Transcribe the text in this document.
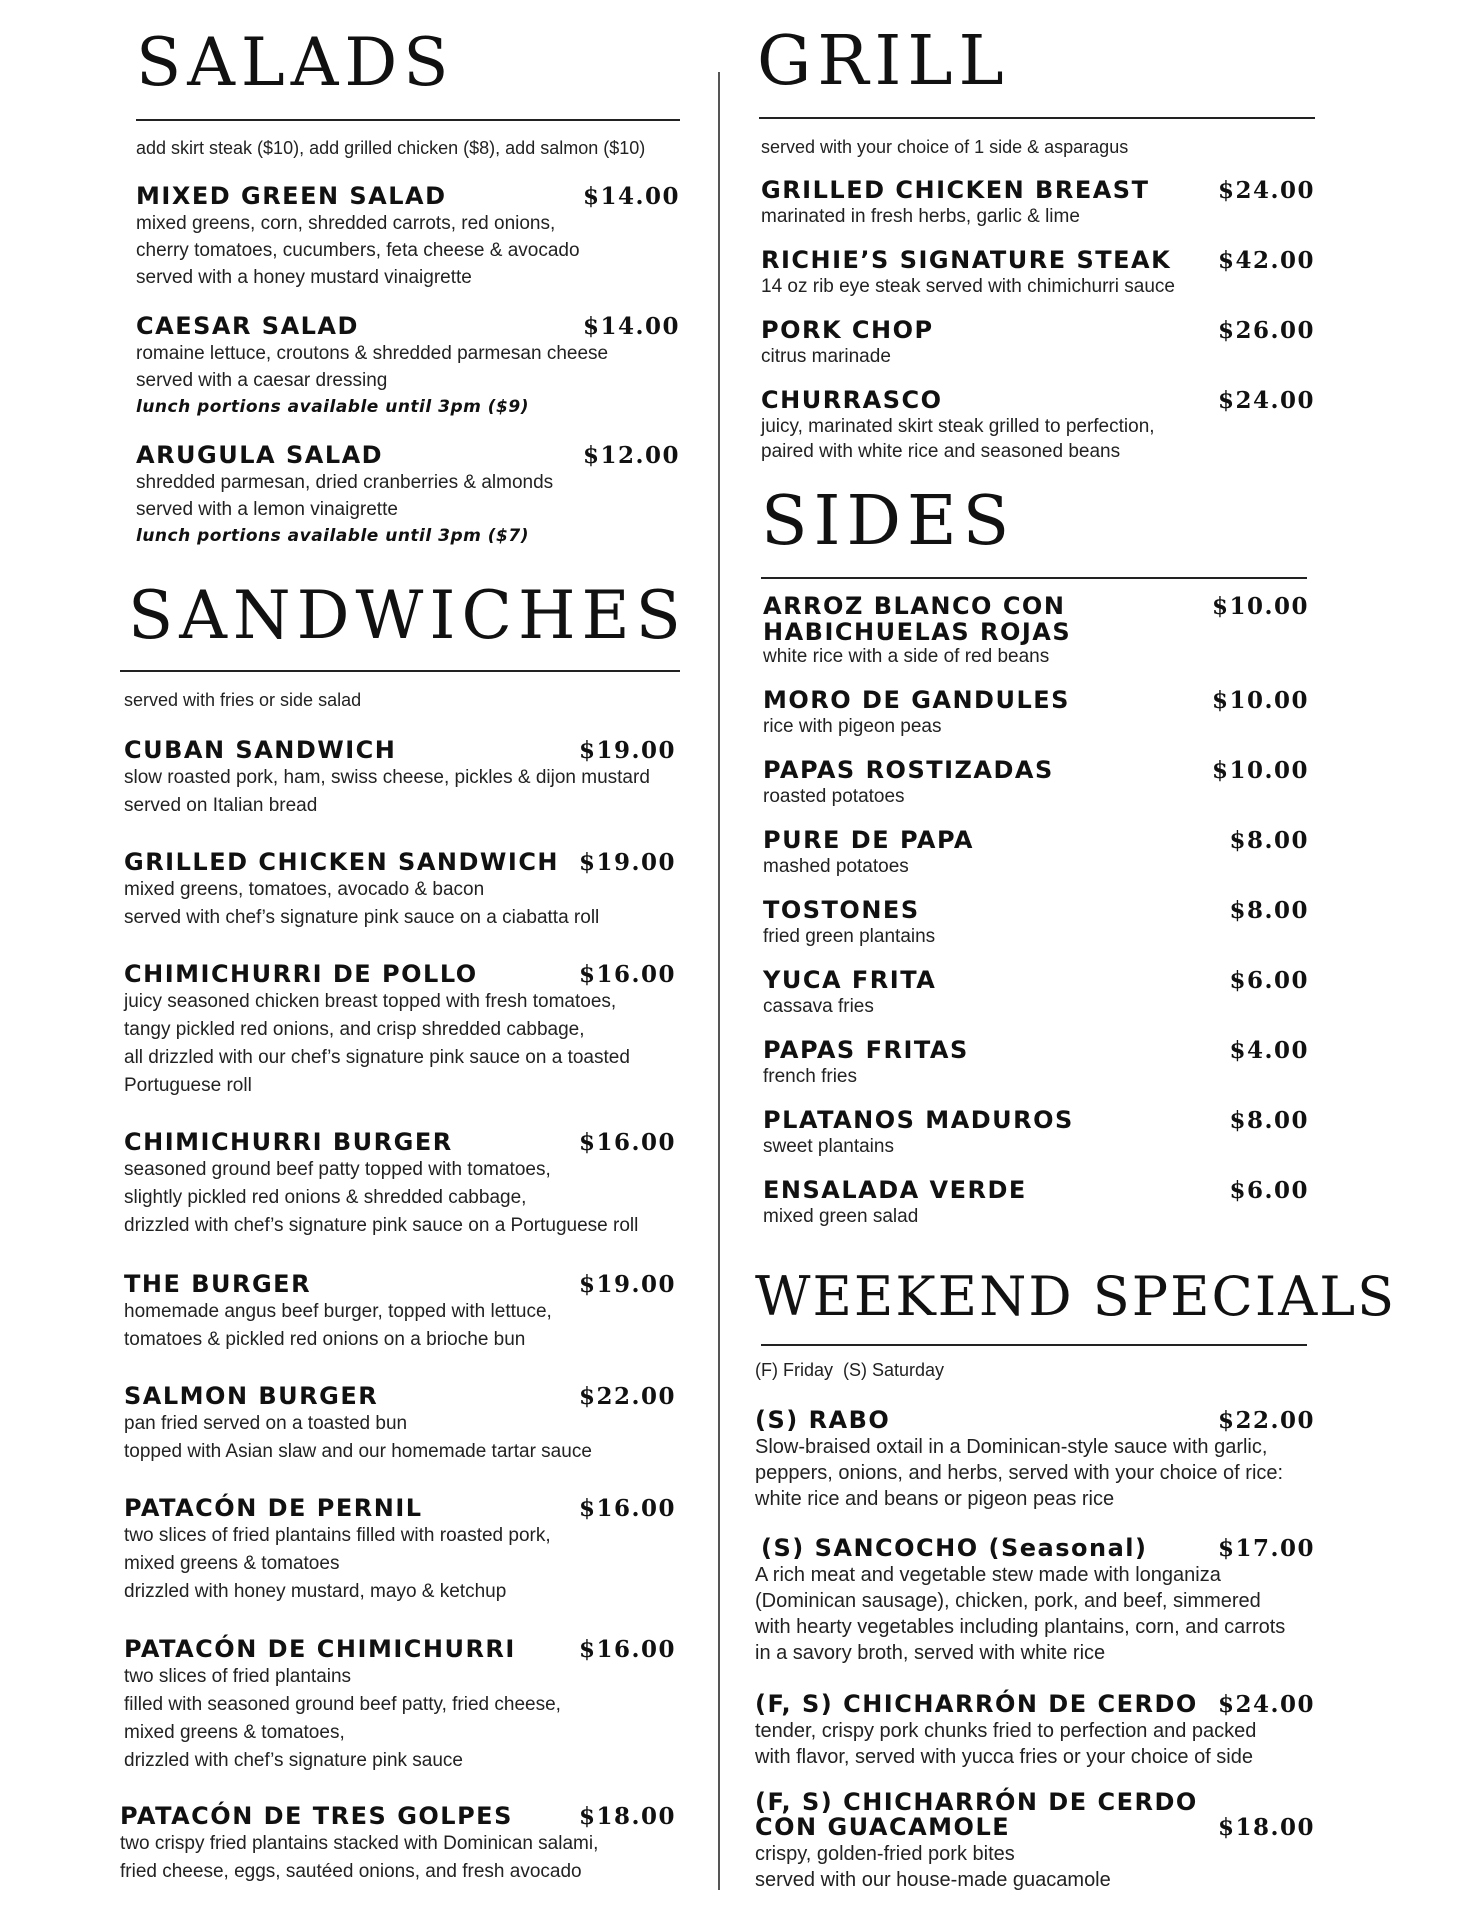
SALADS
add skirt steak ($10), add grilled chicken ($8), add salmon ($10)
MIXED GREEN SALAD	$14.00
mixed greens, corn, shredded carrots, red onions,
cherry tomatoes, cucumbers, feta cheese & avocado
served with a honey mustard vinaigrette
CAESAR SALAD	$14.00
romaine lettuce, croutons & shredded parmesan cheese
served with a caesar dressing
lunch portions available until 3pm ($9)
ARUGULA SALAD	$12.00
shredded parmesan, dried cranberries & almonds
served with a lemon vinaigrette
lunch portions available until 3pm ($7)
SANDWICHES
served with fries or side salad
CUBAN SANDWICH	$19.00
slow roasted pork, ham, swiss cheese, pickles & dijon mustard
served on Italian bread
GRILLED CHICKEN SANDWICH $19.00
mixed greens, tomatoes, avocado & bacon
served with chef’s signature pink sauce on a ciabatta roll
CHIMICHURRI DE POLLO	$16.00
juicy seasoned chicken breast topped with fresh tomatoes,
tangy pickled red onions, and crisp shredded cabbage,
all drizzled with our chef’s signature pink sauce on a toasted
Portuguese roll
CHIMICHURRI BURGER	$16.00
seasoned ground beef patty topped with tomatoes,
slightly pickled red onions & shredded cabbage,
drizzled with chef’s signature pink sauce on a Portuguese roll
THE BURGER	$19.00
homemade angus beef burger, topped with lettuce,
tomatoes & pickled red onions on a brioche bun
SALMON BURGER	$22.00
pan fried served on a toasted bun
topped with Asian slaw and our homemade tartar sauce
PATACÓN DE PERNIL	$16.00
two slices of fried plantains filled with roasted pork,
mixed greens & tomatoes
drizzled with honey mustard, mayo & ketchup
PATACÓN DE CHIMICHURRI	$16.00
two slices of fried plantains
filled with seasoned ground beef patty, fried cheese,
mixed greens & tomatoes,
drizzled with chef’s signature pink sauce
PATACÓN DE TRES GOLPES	$18.00
two crispy fried plantains stacked with Dominican salami,
fried cheese, eggs, sautéed onions, and fresh avocado
GRILL
served with your choice of 1 side & asparagus
GRILLED CHICKEN BREAST	$24.00
marinated in fresh herbs, garlic & lime
RICHIE’S SIGNATURE STEAK $42.00
14 oz rib eye steak served with chimichurri sauce
PORK CHOP	$26.00
citrus marinade
CHURRASCO	$24.00
juicy, marinated skirt steak grilled to perfection,
paired with white rice and seasoned beans
SIDES
ARROZ BLANCO CON	$10.00
HABICHUELAS ROJAS
white rice with a side of red beans
MORO DE GANDULES	$10.00
rice with pigeon peas
PAPAS ROSTIZADAS	$10.00
roasted potatoes
PURE DE PAPA	$8.00
mashed potatoes
TOSTONES	$8.00
fried green plantains
YUCA FRITA	$6.00
cassava fries
PAPAS FRITAS	$4.00
french fries
PLATANOS MADUROS	$8.00
sweet plantains
ENSALADA VERDE	$6.00
mixed green salad
WEEKEND SPECIALS
(F) Friday  (S) Saturday
(S) RABO	$22.00
Slow-braised oxtail in a Dominican-style sauce with garlic,
peppers, onions, and herbs, served with your choice of rice:
white rice and beans or pigeon peas rice
(S) SANCOCHO (Seasonal)	$17.00
A rich meat and vegetable stew made with longaniza
(Dominican sausage), chicken, pork, and beef, simmered
with hearty vegetables including plantains, corn, and carrots
in a savory broth, served with white rice
(F, S) CHICHARRÓN DE CERDO $24.00
tender, crispy pork chunks fried to perfection and packed
with flavor, served with yucca fries or your choice of side
(F, S) CHICHARRÓN DE CERDO
CON GUACAMOLE	$18.00
crispy, golden-fried pork bites
served with our house-made guacamole
